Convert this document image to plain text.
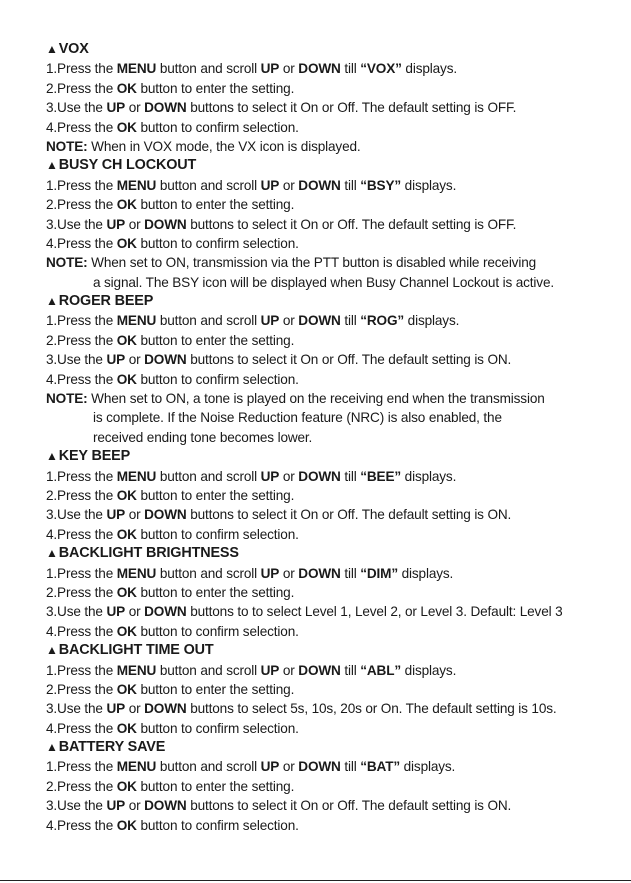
▲VOX
1.Press the MENU button and scroll UP or DOWN till “VOX” displays.
2.Press the OK button to enter the setting.
3.Use the UP or DOWN buttons to select it On or Off. The default setting is OFF.
4.Press the OK button to confirm selection.
NOTE: When in VOX mode, the VX icon is displayed.
▲BUSY CH LOCKOUT
1.Press the MENU button and scroll UP or DOWN till “BSY” displays.
2.Press the OK button to enter the setting.
3.Use the UP or DOWN buttons to select it On or Off. The default setting is OFF.
4.Press the OK button to confirm selection.
NOTE: When set to ON, transmission via the PTT button is disabled while receiving
a signal. The BSY icon will be displayed when Busy Channel Lockout is active.
▲ROGER BEEP
1.Press the MENU button and scroll UP or DOWN till “ROG” displays.
2.Press the OK button to enter the setting.
3.Use the UP or DOWN buttons to select it On or Off. The default setting is ON.
4.Press the OK button to confirm selection.
NOTE: When set to ON, a tone is played on the receiving end when the transmission
is complete. If the Noise Reduction feature (NRC) is also enabled, the
received ending tone becomes lower.
▲KEY BEEP
1.Press the MENU button and scroll UP or DOWN till “BEE” displays.
2.Press the OK button to enter the setting.
3.Use the UP or DOWN buttons to select it On or Off. The default setting is ON.
4.Press the OK button to confirm selection.
▲BACKLIGHT BRIGHTNESS
1.Press the MENU button and scroll UP or DOWN till “DIM” displays.
2.Press the OK button to enter the setting.
3.Use the UP or DOWN buttons to to select Level 1, Level 2, or Level 3. Default: Level 3
4.Press the OK button to confirm selection.
▲BACKLIGHT TIME OUT
1.Press the MENU button and scroll UP or DOWN till “ABL” displays.
2.Press the OK button to enter the setting.
3.Use the UP or DOWN buttons to select 5s, 10s, 20s or On. The default setting is 10s.
4.Press the OK button to confirm selection.
▲BATTERY SAVE
1.Press the MENU button and scroll UP or DOWN till “BAT” displays.
2.Press the OK button to enter the setting.
3.Use the UP or DOWN buttons to select it On or Off. The default setting is ON.
4.Press the OK button to confirm selection.
